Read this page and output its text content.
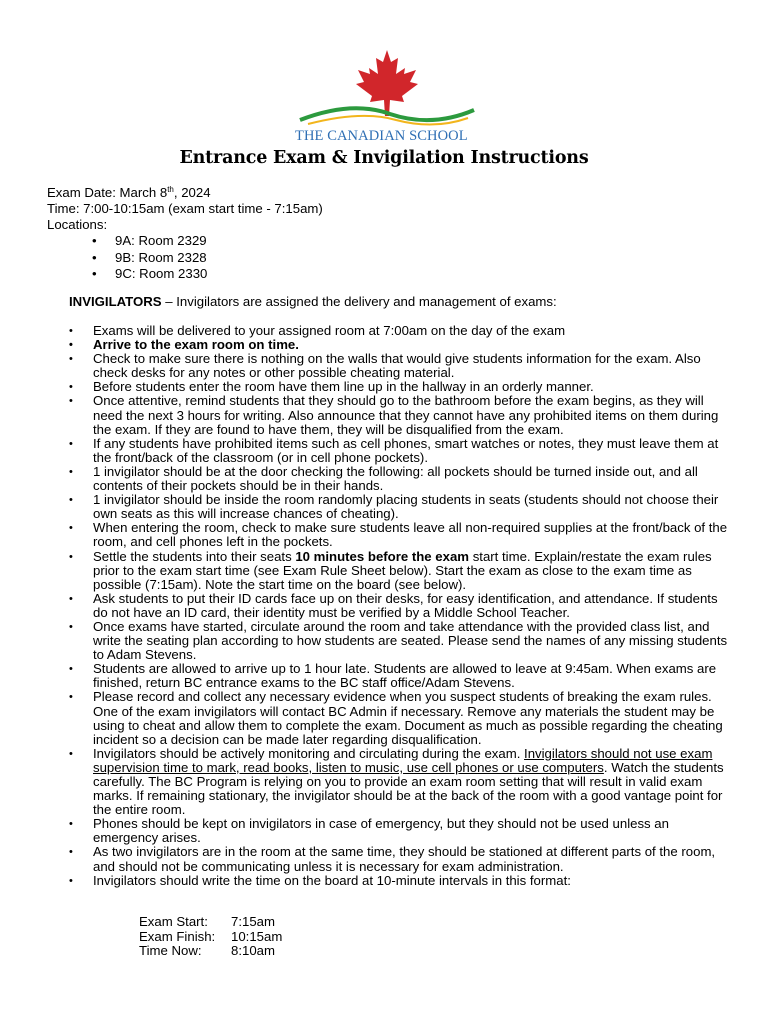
THE CANADIAN SCHOOL
Entrance Exam & Invigilation Instructions
Exam Date: March 8th, 2024
Time: 7:00-10:15am (exam start time - 7:15am)
Locations:
• 9A: Room 2329
• 9B: Room 2328
• 9C: Room 2330
INVIGILATORS – Invigilators are assigned the delivery and management of exams:
• Exams will be delivered to your assigned room at 7:00am on the day of the exam
• Arrive to the exam room on time.
• Check to make sure there is nothing on the walls that would give students information for the exam. Also check desks for any notes or other possible cheating material.
• Before students enter the room have them line up in the hallway in an orderly manner.
• Once attentive, remind students that they should go to the bathroom before the exam begins, as they will need the next 3 hours for writing. Also announce that they cannot have any prohibited items on them during the exam. If they are found to have them, they will be disqualified from the exam.
• If any students have prohibited items such as cell phones, smart watches or notes, they must leave them at the front/back of the classroom (or in cell phone pockets).
• 1 invigilator should be at the door checking the following: all pockets should be turned inside out, and all contents of their pockets should be in their hands.
• 1 invigilator should be inside the room randomly placing students in seats (students should not choose their own seats as this will increase chances of cheating).
• When entering the room, check to make sure students leave all non-required supplies at the front/back of the room, and cell phones left in the pockets.
• Settle the students into their seats 10 minutes before the exam start time. Explain/restate the exam rules prior to the exam start time (see Exam Rule Sheet below). Start the exam as close to the exam time as possible (7:15am). Note the start time on the board (see below).
• Ask students to put their ID cards face up on their desks, for easy identification, and attendance. If students do not have an ID card, their identity must be verified by a Middle School Teacher.
• Once exams have started, circulate around the room and take attendance with the provided class list, and write the seating plan according to how students are seated. Please send the names of any missing students to Adam Stevens.
• Students are allowed to arrive up to 1 hour late. Students are allowed to leave at 9:45am. When exams are finished, return BC entrance exams to the BC staff office/Adam Stevens.
• Please record and collect any necessary evidence when you suspect students of breaking the exam rules. One of the exam invigilators will contact BC Admin if necessary. Remove any materials the student may be using to cheat and allow them to complete the exam. Document as much as possible regarding the cheating incident so a decision can be made later regarding disqualification.
• Invigilators should be actively monitoring and circulating during the exam. Invigilators should not use exam supervision time to mark, read books, listen to music, use cell phones or use computers. Watch the students carefully. The BC Program is relying on you to provide an exam room setting that will result in valid exam marks. If remaining stationary, the invigilator should be at the back of the room with a good vantage point for the entire room.
• Phones should be kept on invigilators in case of emergency, but they should not be used unless an emergency arises.
• As two invigilators are in the room at the same time, they should be stationed at different parts of the room, and should not be communicating unless it is necessary for exam administration.
• Invigilators should write the time on the board at 10-minute intervals in this format:
Exam Start:	7:15am
Exam Finish:	10:15am
Time Now:	8:10am
